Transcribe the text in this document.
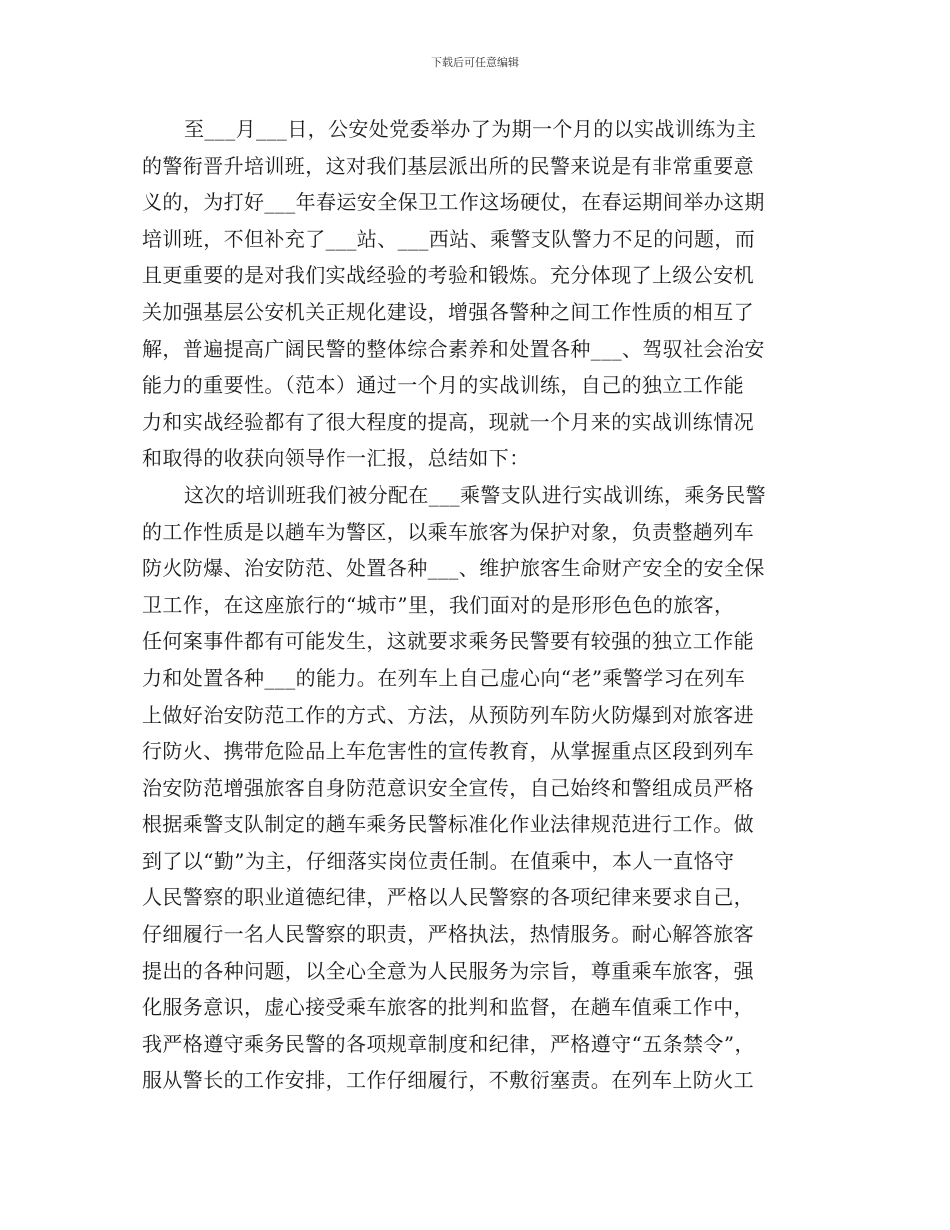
下载后可任意编辑
至___月___日，公安处党委举办了为期一个月的以实战训练为主
的警衔晋升培训班，这对我们基层派出所的民警来说是有非常重要意
义的，为打好___年春运安全保卫工作这场硬仗，在春运期间举办这期
培训班，不但补充了___站、___西站、乘警支队警力不足的问题，而
且更重要的是对我们实战经验的考验和锻炼。充分体现了上级公安机
关加强基层公安机关正规化建设，增强各警种之间工作性质的相互了
解，普遍提高广阔民警的整体综合素养和处置各种___、驾驭社会治安
能力的重要性。（范本）通过一个月的实战训练，自己的独立工作能
力和实战经验都有了很大程度的提高，现就一个月来的实战训练情况
和取得的收获向领导作一汇报，总结如下：
这次的培训班我们被分配在___乘警支队进行实战训练，乘务民警
的工作性质是以趟车为警区，以乘车旅客为保护对象，负责整趟列车
防火防爆、治安防范、处置各种___、维护旅客生命财产安全的安全保
卫工作，在这座旅行的“城市”里，我们面对的是形形色色的旅客，
任何案事件都有可能发生，这就要求乘务民警要有较强的独立工作能
力和处置各种___的能力。在列车上自己虚心向“老”乘警学习在列车
上做好治安防范工作的方式、方法，从预防列车防火防爆到对旅客进
行防火、携带危险品上车危害性的宣传教育，从掌握重点区段到列车
治安防范增强旅客自身防范意识安全宣传，自己始终和警组成员严格
根据乘警支队制定的趟车乘务民警标准化作业法律规范进行工作。做
到了以“勤”为主，仔细落实岗位责任制。在值乘中，本人一直恪守
人民警察的职业道德纪律，严格以人民警察的各项纪律来要求自己，
仔细履行一名人民警察的职责，严格执法，热情服务。耐心解答旅客
提出的各种问题，以全心全意为人民服务为宗旨，尊重乘车旅客，强
化服务意识，虚心接受乘车旅客的批判和监督，在趟车值乘工作中，
我严格遵守乘务民警的各项规章制度和纪律，严格遵守“五条禁令”，
服从警长的工作安排，工作仔细履行，不敷衍塞责。在列车上防火工
